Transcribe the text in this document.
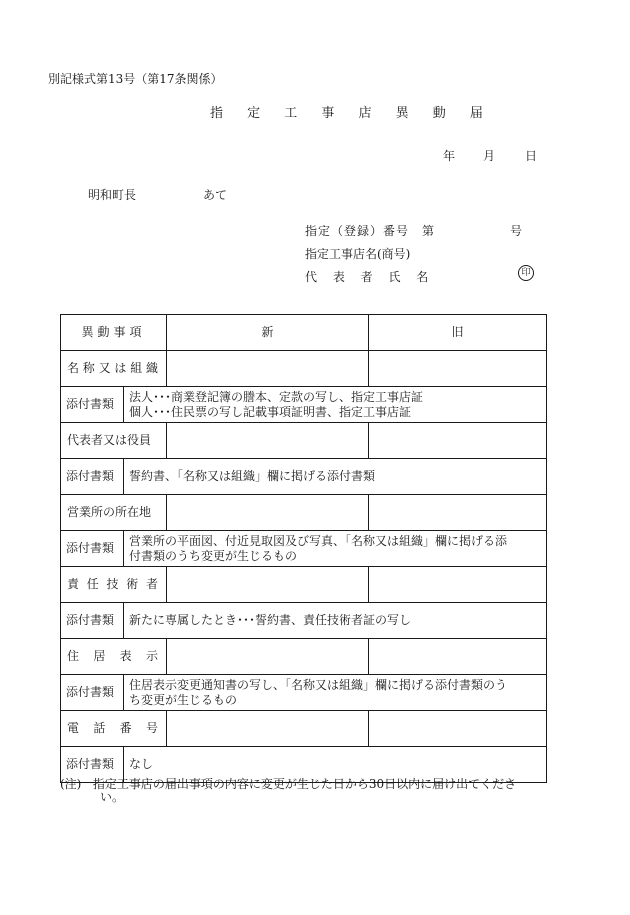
別記様式第13号（第17条関係）
指 定 工 事 店 異 動 届
年 月 日
明和町長	あて
指定（登録）番号　第	号
指定工事店名(商号)
代 表 者 氏 名	印
異動事項		新	旧
名称又は組織			
添付書類	法人･･･商業登記簿の謄本、定款の写し、指定工事店証
個人･･･住民票の写し記載事項証明書、指定工事店証		

代表者又は役員			
添付書類	誓約書、「名称又は組織」欄に掲げる添付書類		

営業所の所在地			
添付書類	営業所の平面図、付近見取図及び写真、「名称又は組織」欄に掲げる添
付書類のうち変更が生じるもの		

責任技術者			
添付書類	新たに専属したとき･･･誓約書、責任技術者証の写し		

住居表示			
添付書類	住居表示変更通知書の写し、「名称又は組織」欄に掲げる添付書類のう
ち変更が生じるもの		

電話番号			
添付書類	なし		
(注) 指定工事店の届出事項の内容に変更が生じた日から30日以内に届け出てくださ
い。
